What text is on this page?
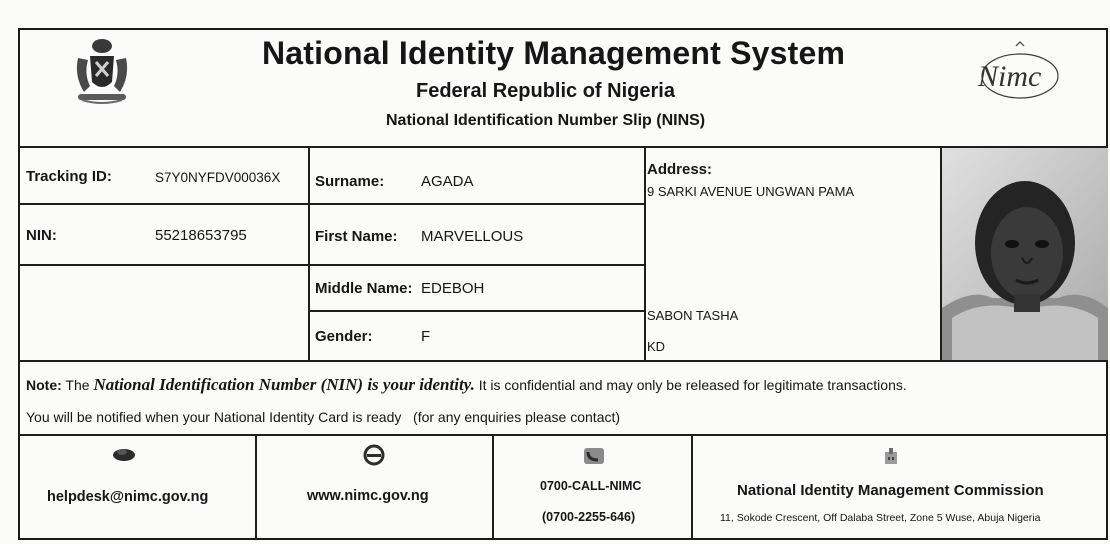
National Identity Management System
Federal Republic of Nigeria
National Identification Number Slip (NINS)
Nimc
Tracking ID:	S7Y0NYFDV00036X
NIN:	55218653795
Surname: AGADA
First Name: MARVELLOUS
Middle Name: EDEBOH
Gender:	F
Address:
9 SARKI AVENUE UNGWAN PAMA
SABON TASHA
KD
Note: The National Identification Number (NIN) is your identity. It is confidential and may only be released for legitimate transactions.
You will be notified when your National Identity Card is ready   (for any enquiries please contact)
helpdesk@nimc.gov.ng	www.nimc.gov.ng
0700-CALL-NIMC
(0700-2255-646)
National Identity Management Commission
11, Sokode Crescent, Off Dalaba Street, Zone 5 Wuse, Abuja Nigeria
